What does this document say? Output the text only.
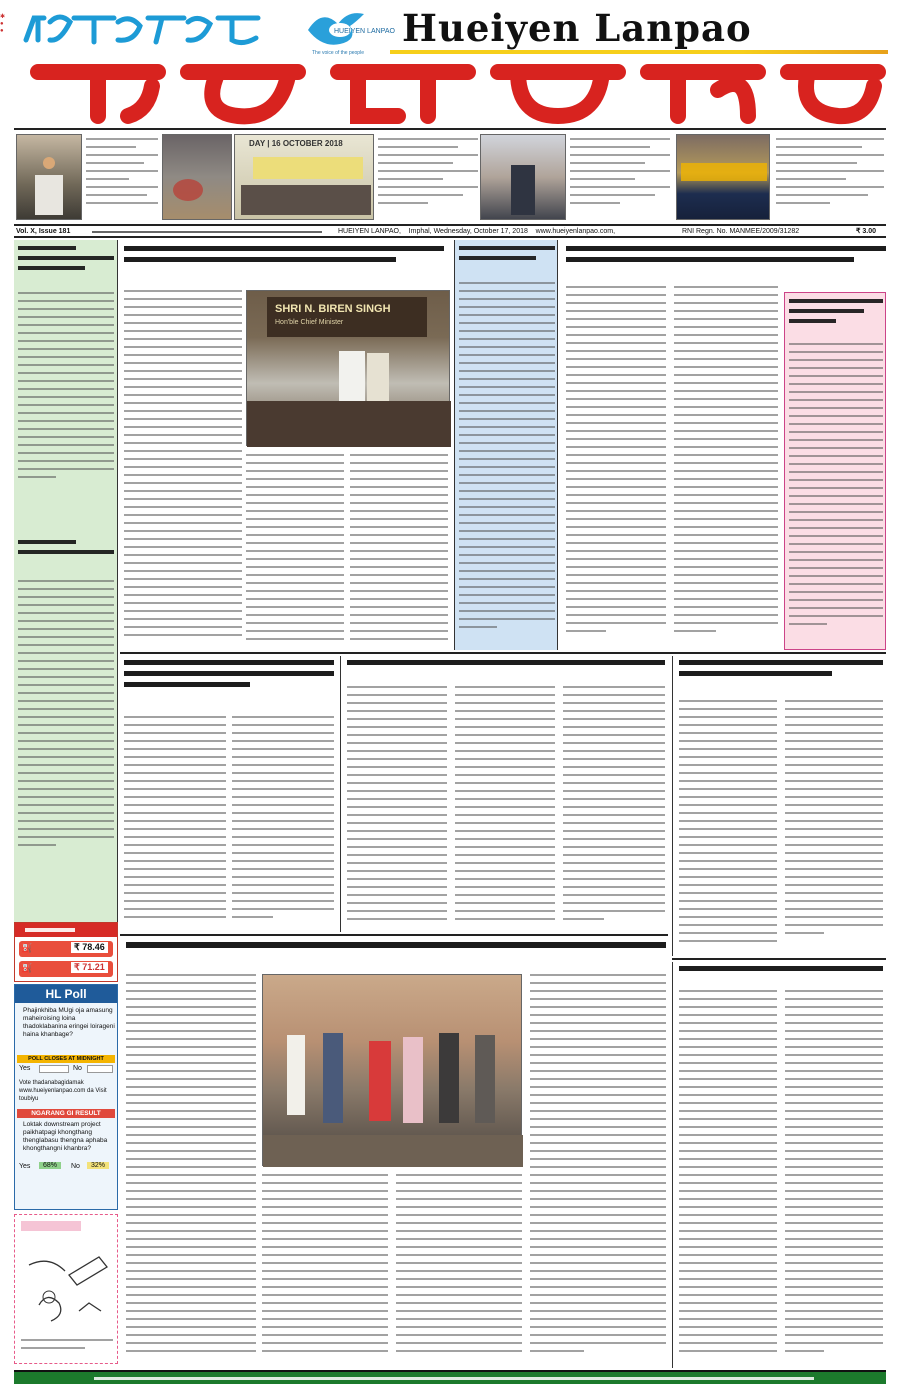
HUEIYEN LANPAO
The voice of the people
Hueiyen Lanpao
✱
●
●
DAY | 16 OCTOBER 2018
Vol. X, Issue 181	HUEIYEN LANPAO,    Imphal, Wednesday, October 17, 2018    www.hueiyenlanpao.com,	RNI Regn. No. MANMEE/2009/31282	₹ 3.00
SHRI N. BIREN SINGH
Hon'ble Chief Minister
⛽	₹ 78.46
⛽	₹ 71.21
HL Poll
Phajinkhiba MUgi oja amasung maheiroising loina thadoklabanina eringei loirageni haina khanbage?
POLL CLOSES AT MIDNIGHT
Yes	No
Vote thadanabagidamak www.hueiyenlanpao.com da Visit toubiyu
NGARANG GI RESULT
Loktak downstream project paikhatpagi khongthang thenglabasu thengna aphaba khongthangni khanbra?
Yes	68%	No	32%
